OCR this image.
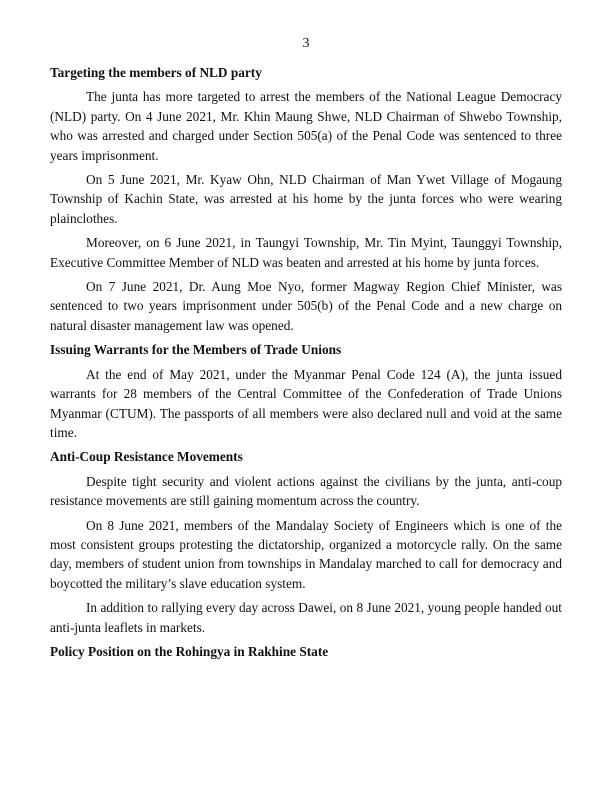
3
Targeting the members of NLD party

The junta has more targeted to arrest the members of the National League Democracy (NLD) party. On 4 June 2021, Mr. Khin Maung Shwe, NLD Chairman of Shwebo Township, who was arrested and charged under Section 505(a) of the Penal Code was sentenced to three years imprisonment.

On 5 June 2021, Mr. Kyaw Ohn, NLD Chairman of Man Ywet Village of Mogaung Township of Kachin State, was arrested at his home by the junta forces who were wearing plainclothes.

Moreover, on 6 June 2021, in Taungyi Township, Mr. Tin Myint, Taunggyi Township, Executive Committee Member of NLD was beaten and arrested at his home by junta forces.

On 7 June 2021, Dr. Aung Moe Nyo, former Magway Region Chief Minister, was sentenced to two years imprisonment under 505(b) of the Penal Code and a new charge on natural disaster management law was opened.

Issuing Warrants for the Members of Trade Unions

At the end of May 2021, under the Myanmar Penal Code 124 (A), the junta issued warrants for 28 members of the Central Committee of the Confederation of Trade Unions Myanmar (CTUM). The passports of all members were also declared null and void at the same time.

Anti-Coup Resistance Movements

Despite tight security and violent actions against the civilians by the junta, anti-coup resistance movements are still gaining momentum across the country.

On 8 June 2021, members of the Mandalay Society of Engineers which is one of the most consistent groups protesting the dictatorship, organized a motorcycle rally. On the same day, members of student union from townships in Mandalay marched to call for democracy and boycotted the military’s slave education system.

In addition to rallying every day across Dawei, on 8 June 2021, young people handed out anti-junta leaflets in markets.

Policy Position on the Rohingya in Rakhine State
